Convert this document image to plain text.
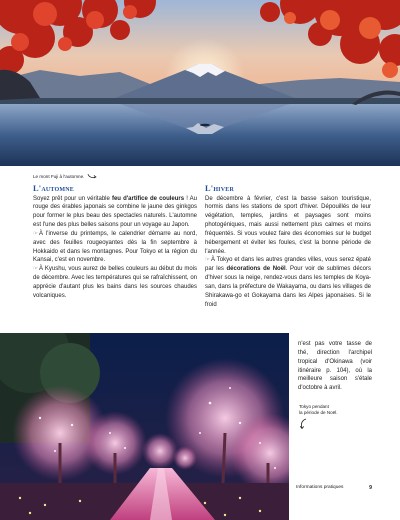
Le mont Fuji à l'automne.
L'automne

Soyez prêt pour un véritable feu d'artifice de couleurs ! Au rouge des érables japonais se combine le jaune des ginkgos pour former le plus beau des spectacles naturels. L'automne est l'une des plus belles saisons pour un voyage au Japon.

☞À l'inverse du printemps, le calendrier démarre au nord, avec des feuilles rougeoyantes dès la fin septembre à Hokkaido et dans les montagnes. Pour Tokyo et la région du Kansai, c'est en novembre.

☞À Kyushu, vous aurez de belles couleurs au début du mois de décembre. Avec les températures qui se rafraîchissent, on apprécie d'autant plus les bains dans les sources chaudes volcaniques.

L'hiver

De décembre à février, c'est la basse saison touristique, hormis dans les stations de sport d'hiver. Dépouillés de leur végétation, temples, jardins et paysages sont moins photogéniques, mais aussi nettement plus calmes et moins fréquentés. Si vous voulez faire des économies sur le budget hébergement et éviter les foules, c'est la bonne période de l'année.

☞À Tokyo et dans les autres grandes villes, vous serez épaté par les décorations de Noël. Pour voir de sublimes décors d'hiver sous la neige, rendez-vous dans les temples de Koya-san, dans la préfecture de Wakayama, ou dans les villages de Shirakawa-go et Gokayama dans les Alpes japonaises. Si le froid

n'est pas votre tasse de thé, direction l'archipel tropical d'Okinawa (voir itinéraire p. 104), où la meilleure saison s'étale d'octobre à avril.
Tokyo pendant
la période de Noël.
Informations pratiques	9
